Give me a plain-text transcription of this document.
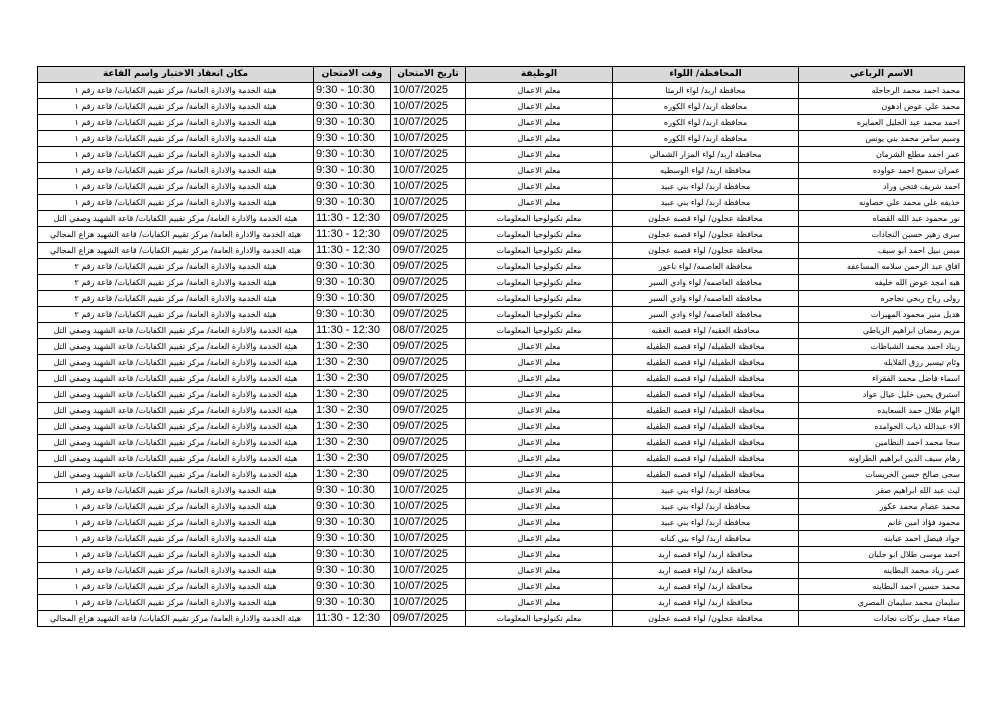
الاسم الرباعي	المحافظة/ اللواء	الوظيفة	تاريخ الامتحان	وقت الامتحان	مكان انعقاد الاختبار واسم القاعة
محمد احمد محمد الرحاحله	محافظة اربد/ لواء الرمثا	معلم الاعمال	10/07/2025	9:30 - 10:30	هيئة الخدمة والادارة العامة/ مركز تقييم الكفايات/ قاعة رقم ١
محمد علي عوض ادهون	محافظة اربد/ لواء الكوره	معلم الاعمال	10/07/2025	9:30 - 10:30	هيئة الخدمة والادارة العامة/ مركز تقييم الكفايات/ قاعة رقم ١
احمد محمد عبد الجليل العمايره	محافظة اربد/ لواء الكوره	معلم الاعمال	10/07/2025	9:30 - 10:30	هيئة الخدمة والادارة العامة/ مركز تقييم الكفايات/ قاعة رقم ١
وسيم سامر محمد بني يونس	محافظة اربد/ لواء الكوره	معلم الاعمال	10/07/2025	9:30 - 10:30	هيئة الخدمة والادارة العامة/ مركز تقييم الكفايات/ قاعة رقم ١
عمر احمد مطلع الشرمان	محافظة اربد/ لواء المزار الشمالي	معلم الاعمال	10/07/2025	9:30 - 10:30	هيئة الخدمة والادارة العامة/ مركز تقييم الكفايات/ قاعة رقم ١
عمران سميح احمد عواوده	محافظة اربد/ لواء الوسطيه	معلم الاعمال	10/07/2025	9:30 - 10:30	هيئة الخدمة والادارة العامة/ مركز تقييم الكفايات/ قاعة رقم ١
احمد شريف فتحي وراد	محافظة اربد/ لواء بني عبيد	معلم الاعمال	10/07/2025	9:30 - 10:30	هيئة الخدمة والادارة العامة/ مركز تقييم الكفايات/ قاعة رقم ١
حذيفه علي محمد علي خصاونه	محافظة اربد/ لواء بني عبيد	معلم الاعمال	10/07/2025	9:30 - 10:30	هيئة الخدمة والادارة العامة/ مركز تقييم الكفايات/ قاعة رقم ١
نور محمود عبد الله القضاه	محافظة عجلون/ لواء قصبه عجلون	معلم تكنولوجيا المعلومات	09/07/2025	11:30 - 12:30	هيئة الخدمة والادارة العامة/ مركز تقييم الكفايات/ قاعة الشهيد وصفي التل
سرى زهير حسين النجادات	محافظة عجلون/ لواء قصبه عجلون	معلم تكنولوجيا المعلومات	09/07/2025	11:30 - 12:30	هيئة الخدمة والادارة العامة/ مركز تقييم الكفايات/ قاعة الشهيد هزاع المجالي
ميس نبيل احمد ابو سيف	محافظة عجلون/ لواء قصبه عجلون	معلم تكنولوجيا المعلومات	09/07/2025	11:30 - 12:30	هيئة الخدمة والادارة العامة/ مركز تقييم الكفايات/ قاعة الشهيد هزاع المجالي
افاق عبد الرحمن سلامه المساعفه	محافظة العاصمه/ لواء ناعور	معلم تكنولوجيا المعلومات	09/07/2025	9:30 - 10:30	هيئة الخدمة والادارة العامة/ مركز تقييم الكفايات/ قاعة رقم ٢
هبه امجد عوض الله خليفه	محافظة العاصمه/ لواء وادي السير	معلم تكنولوجيا المعلومات	09/07/2025	9:30 - 10:30	هيئة الخدمة والادارة العامة/ مركز تقييم الكفايات/ قاعة رقم ٢
رولى رباح ربحي نجاجره	محافظة العاصمه/ لواء وادي السير	معلم تكنولوجيا المعلومات	09/07/2025	9:30 - 10:30	هيئة الخدمة والادارة العامة/ مركز تقييم الكفايات/ قاعة رقم ٢
هديل منير محمود المهيرات	محافظة العاصمه/ لواء وادي السير	معلم تكنولوجيا المعلومات	09/07/2025	9:30 - 10:30	هيئة الخدمة والادارة العامة/ مركز تقييم الكفايات/ قاعة رقم ٢
مريم رمضان ابراهيم الرياطي	محافظة العقبه/ لواء قصبه العقبه	معلم تكنولوجيا المعلومات	08/07/2025	11:30 - 12:30	هيئة الخدمة والادارة العامة/ مركز تقييم الكفايات/ قاعة الشهيد وصفي التل
ريناد احمد محمد الشباطات	محافظة الطفيله/ لواء قصبه الطفيله	معلم الاعمال	09/07/2025	1:30 - 2:30	هيئة الخدمة والادارة العامة/ مركز تقييم الكفايات/ قاعة الشهيد وصفي التل
وئام تيسير رزق القلايله	محافظة الطفيله/ لواء قصبه الطفيله	معلم الاعمال	09/07/2025	1:30 - 2:30	هيئة الخدمة والادارة العامة/ مركز تقييم الكفايات/ قاعة الشهيد وصفي التل
اسماء فاضل محمد الفقراء	محافظة الطفيله/ لواء قصبه الطفيله	معلم الاعمال	09/07/2025	1:30 - 2:30	هيئة الخدمة والادارة العامة/ مركز تقييم الكفايات/ قاعة الشهيد وصفي التل
استبرق يحيى خليل عيال عواد	محافظة الطفيله/ لواء قصبه الطفيله	معلم الاعمال	09/07/2025	1:30 - 2:30	هيئة الخدمة والادارة العامة/ مركز تقييم الكفايات/ قاعة الشهيد وصفي التل
الهام طلال حمد السعايده	محافظة الطفيله/ لواء قصبه الطفيله	معلم الاعمال	09/07/2025	1:30 - 2:30	هيئة الخدمة والادارة العامة/ مركز تقييم الكفايات/ قاعة الشهيد وصفي التل
الاء عبدالله ذياب الحوامده	محافظة الطفيله/ لواء قصبه الطفيله	معلم الاعمال	09/07/2025	1:30 - 2:30	هيئة الخدمة والادارة العامة/ مركز تقييم الكفايات/ قاعة الشهيد وصفي التل
سجا محمد احمد النظامين	محافظة الطفيله/ لواء قصبه الطفيله	معلم الاعمال	09/07/2025	1:30 - 2:30	هيئة الخدمة والادارة العامة/ مركز تقييم الكفايات/ قاعة الشهيد وصفي التل
رهام سيف الدين ابراهيم الطراونه	محافظة الطفيله/ لواء قصبه الطفيله	معلم الاعمال	09/07/2025	1:30 - 2:30	هيئة الخدمة والادارة العامة/ مركز تقييم الكفايات/ قاعة الشهيد وصفي التل
سجى صالح حسن الخريسات	محافظة الطفيله/ لواء قصبه الطفيله	معلم الاعمال	09/07/2025	1:30 - 2:30	هيئة الخدمة والادارة العامة/ مركز تقييم الكفايات/ قاعة الشهيد وصفي التل
ليث عبد الله ابراهيم صقر	محافظة اربد/ لواء بني عبيد	معلم الاعمال	10/07/2025	9:30 - 10:30	هيئة الخدمة والادارة العامة/ مركز تقييم الكفايات/ قاعة رقم ١
محمد عصام محمد عكور	محافظة اربد/ لواء بني عبيد	معلم الاعمال	10/07/2025	9:30 - 10:30	هيئة الخدمة والادارة العامة/ مركز تقييم الكفايات/ قاعة رقم ١
محمود فؤاد امين غانم	محافظة اربد/ لواء بني عبيد	معلم الاعمال	10/07/2025	9:30 - 10:30	هيئة الخدمة والادارة العامة/ مركز تقييم الكفايات/ قاعة رقم ١
جواد فيصل احمد عبابنه	محافظة اربد/ لواء بني كنانه	معلم الاعمال	10/07/2025	9:30 - 10:30	هيئة الخدمة والادارة العامة/ مركز تقييم الكفايات/ قاعة رقم ١
احمد موسى طلال ابو جلبان	محافظة اربد/ لواء قصبه اربد	معلم الاعمال	10/07/2025	9:30 - 10:30	هيئة الخدمة والادارة العامة/ مركز تقييم الكفايات/ قاعة رقم ١
عمر زياد محمد البطاينه	محافظة اربد/ لواء قصبه اربد	معلم الاعمال	10/07/2025	9:30 - 10:30	هيئة الخدمة والادارة العامة/ مركز تقييم الكفايات/ قاعة رقم ١
محمد حسين احمد البطاينه	محافظة اربد/ لواء قصبه اربد	معلم الاعمال	10/07/2025	9:30 - 10:30	هيئة الخدمة والادارة العامة/ مركز تقييم الكفايات/ قاعة رقم ١
سليمان محمد سليمان المصري	محافظة اربد/ لواء قصبه اربد	معلم الاعمال	10/07/2025	9:30 - 10:30	هيئة الخدمة والادارة العامة/ مركز تقييم الكفايات/ قاعة رقم ١
صفاء جميل بركات نجادات	محافظة عجلون/ لواء قصبه عجلون	معلم تكنولوجيا المعلومات	09/07/2025	11:30 - 12:30	هيئة الخدمة والادارة العامة/ مركز تقييم الكفايات/ قاعة الشهيد هزاع المجالي
